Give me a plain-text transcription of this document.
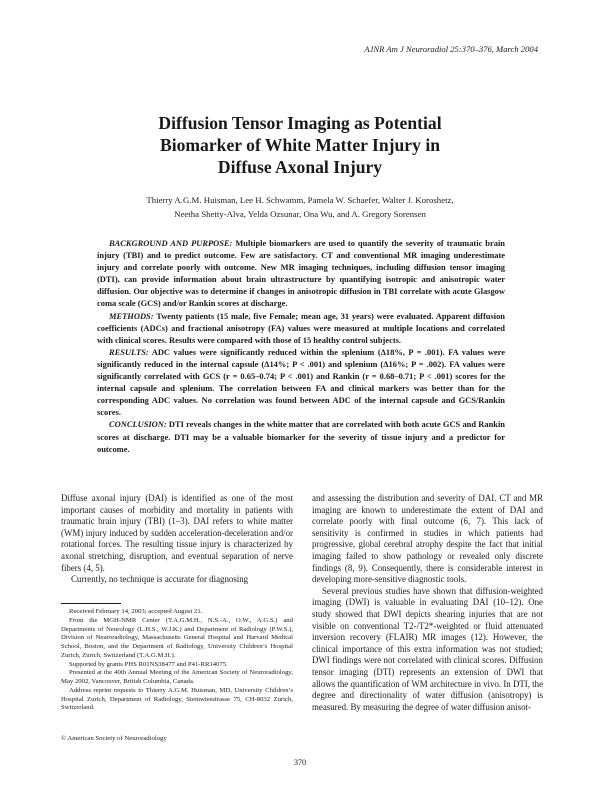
AJNR Am J Neuroradiol 25:370–376, March 2004
Diffusion Tensor Imaging as Potential
Biomarker of White Matter Injury in
Diffuse Axonal Injury
Thierry A.G.M. Huisman, Lee H. Schwamm, Pamela W. Schaefer, Walter J. Koroshetz,
Neetha Shetty-Alva, Yelda Ozsunar, Ona Wu, and A. Gregory Sorensen

BACKGROUND AND PURPOSE: Multiple biomarkers are used to quantify the severity of traumatic brain injury (TBI) and to predict outcome. Few are satisfactory. CT and conventional MR imaging underestimate injury and correlate poorly with outcome. New MR imaging techniques, including diffusion tensor imaging (DTI), can provide information about brain ultrastructure by quantifying isotropic and anisotropic water diffusion. Our objective was to determine if changes in anisotropic diffusion in TBI correlate with acute Glasgow coma scale (GCS) and/or Rankin scores at discharge.

METHODS: Twenty patients (15 male, five Female; mean age, 31 years) were evaluated. Apparent diffusion coefficients (ADCs) and fractional anisotropy (FA) values were measured at multiple locations and correlated with clinical scores. Results were compared with those of 15 healthy control subjects.

RESULTS: ADC values were significantly reduced within the splenium (Δ18%, P = .001). FA values were significantly reduced in the internal capsule (Δ14%; P < .001) and splenium (Δ16%; P = .002). FA values were significantly correlated with GCS (r = 0.65–0.74; P < .001) and Rankin (r = 0.68–0.71; P < .001) scores for the internal capsule and splenium. The correlation between FA and clinical markers was better than for the corresponding ADC values. No correlation was found between ADC of the internal capsule and GCS/Rankin scores.

CONCLUSION: DTI reveals changes in the white matter that are correlated with both acute GCS and Rankin scores at discharge. DTI may be a valuable biomarker for the severity of tissue injury and a predictor for outcome.

Diffuse axonal injury (DAI) is identified as one of the most important causes of morbidity and mortality in patients with traumatic brain injury (TBI) (1–3). DAI refers to white matter (WM) injury induced by sudden acceleration-deceleration and/or rotational forces. The resulting tissue injury is characterized by axonal stretching, disruption, and eventual separation of nerve fibers (4, 5).

Currently, no technique is accurate for diagnosing

and assessing the distribution and severity of DAI. CT and MR imaging are known to underestimate the extent of DAI and correlate poorly with final outcome (6, 7). This lack of sensitivity is confirmed in studies in which patients had progressive, global cerebral atrophy despite the fact that initial imaging failed to show pathology or revealed only discrete findings (8, 9). Consequently, there is considerable interest in developing more-sensitive diagnostic tools.

Several previous studies have shown that diffusion-weighted imaging (DWI) is valuable in evaluating DAI (10–12). One study showed that DWI depicts shearing injuries that are not visible on conventional T2-/T2*-weighted or fluid attenuated inversion recovery (FLAIR) MR images (12). However, the clinical importance of this extra information was not studied; DWI findings were not correlated with clinical scores. Diffusion tensor imaging (DTI) represents an extension of DWI that allows the quantification of WM architecture in vivo. In DTI, the degree and directionality of water diffusion (anisotropy) is measured. By measuring the degree of water diffusion anisot-

Received February 14, 2003; accepted August 21.

From the MGH-NMR Center (T.A.G.M.H., N.S.-A., O.W., A.G.S.) and Departments of Neurology (L.H.S., W.J.K.) and Department of Radiology (P.W.S.), Division of Neuroradiology, Massachusetts General Hospital and Harvard Medical School, Boston, and the Department of Radiology, University Children’s Hospital Zurich, Zurich, Switzerland (T.A.G.M.H.).

Supported by grants PHS R01NS38477 and P41-RR14075.

Presented at the 40th Annual Meeting of the American Society of Neuroradiology, May 2002, Vancouver, British Columbia, Canada.

Address reprint requests to Thierry A.G.M. Huisman, MD, University Children’s Hospital Zurich, Department of Radiology, Steinwiesstrasse 75, CH-8032 Zurich, Switzerland.

© American Society of Neuroradiology
370
